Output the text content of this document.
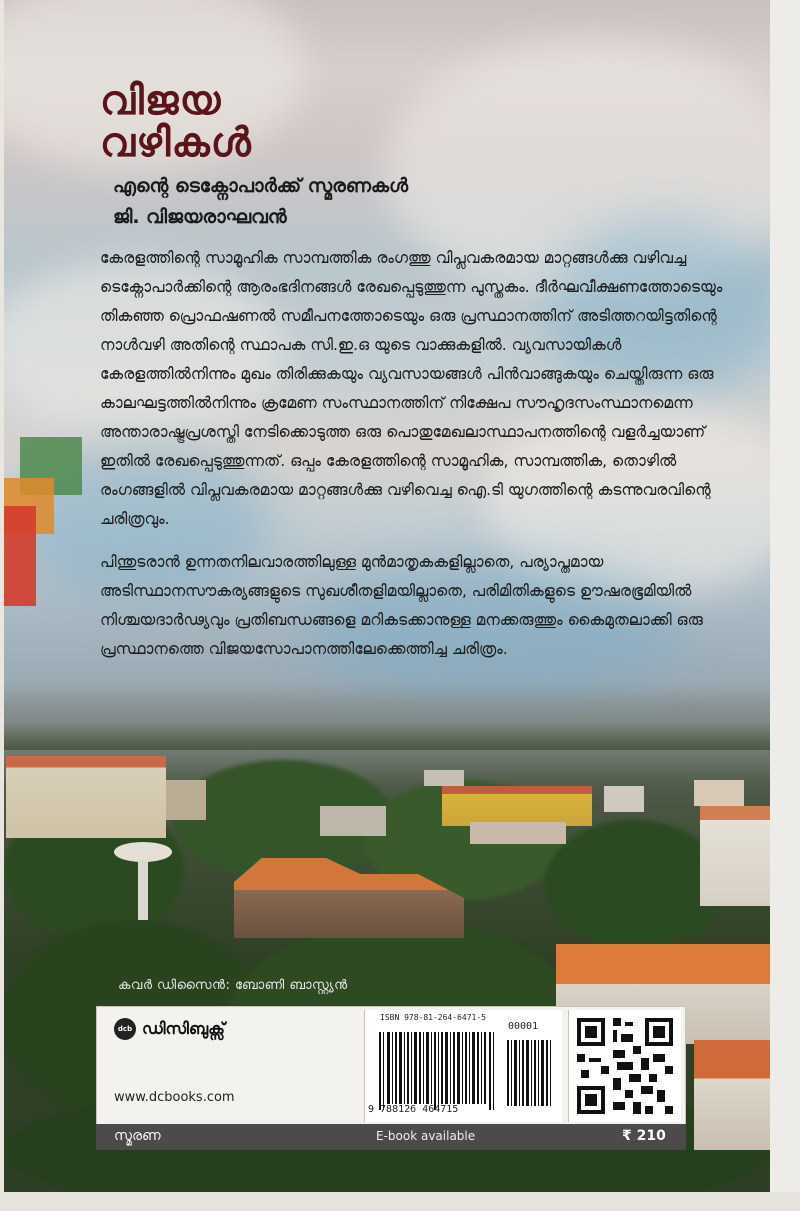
വിജയ
വഴികൾ
എന്റെ ടെക്നോപാർക്ക് സ്മരണകൾ
ജി. വിജയരാഘവൻ

കേരളത്തിന്റെ സാമൂഹിക സാമ്പത്തിക രംഗത്തു വിപ്ലവകരമായ മാറ്റങ്ങൾക്കു വഴിവച്ച ടെക്നോപാർക്കിന്റെ ആരംഭദിനങ്ങൾ രേഖപ്പെടുത്തുന്ന പുസ്തകം. ദീർഘവീക്ഷണത്തോടെയും തികഞ്ഞ പ്രൊഫഷണൽ സമീപനത്തോടെയും ഒരു പ്രസ്ഥാനത്തിന് അടിത്തറയിട്ടതിന്റെ നാൾവഴി അതിന്റെ സ്ഥാപക സി.ഇ.ഒ യുടെ വാക്കുകളിൽ. വ്യവസായികൾ കേരളത്തിൽനിന്നും മുഖം തിരിക്കുകയും വ്യവസായങ്ങൾ പിൻവാങ്ങുകയും ചെയ്തിരുന്ന ഒരു കാലഘട്ടത്തിൽനിന്നും ക്രമേണ സംസ്ഥാനത്തിന് നിക്ഷേപ സൗഹൃദസംസ്ഥാനമെന്ന അന്താരാഷ്ട്രപ്രശസ്തി നേടിക്കൊടുത്ത ഒരു പൊതുമേഖലാസ്ഥാപനത്തിന്റെ വളർച്ചയാണ് ഇതിൽ രേഖപ്പെടുത്തുന്നത്. ഒപ്പം കേരളത്തിന്റെ സാമൂഹിക, സാമ്പത്തിക, തൊഴിൽ രംഗങ്ങളിൽ വിപ്ലവകരമായ മാറ്റങ്ങൾക്കു വഴിവെച്ച ഐ.ടി യുഗത്തിന്റെ കടന്നുവരവിന്റെ ചരിത്രവും.

പിന്തുടരാൻ ഉന്നതനിലവാരത്തിലുള്ള മുൻമാതൃകകളില്ലാതെ, പര്യാപ്തമായ അടിസ്ഥാനസൗകര്യങ്ങളുടെ സുഖശീതളിമയില്ലാതെ, പരിമിതികളുടെ ഊഷരഭൂമിയിൽ നിശ്ചയദാർഢ്യവും പ്രതിബന്ധങ്ങളെ മറികടക്കാനുള്ള മനക്കരുത്തും കൈമുതലാക്കി ഒരു പ്രസ്ഥാനത്തെ വിജയസോപാനത്തിലേക്കെത്തിച്ച ചരിത്രം.

കവർ ഡിസൈൻ: ബോണി ബാസ്റ്റ്യൻ
dcb ഡിസിബുക്സ്
www.dcbooks.com
ISBN 978-81-264-6471-5
00001
9 788126 464715
സ്മരണ	E-book available	₹ 210
